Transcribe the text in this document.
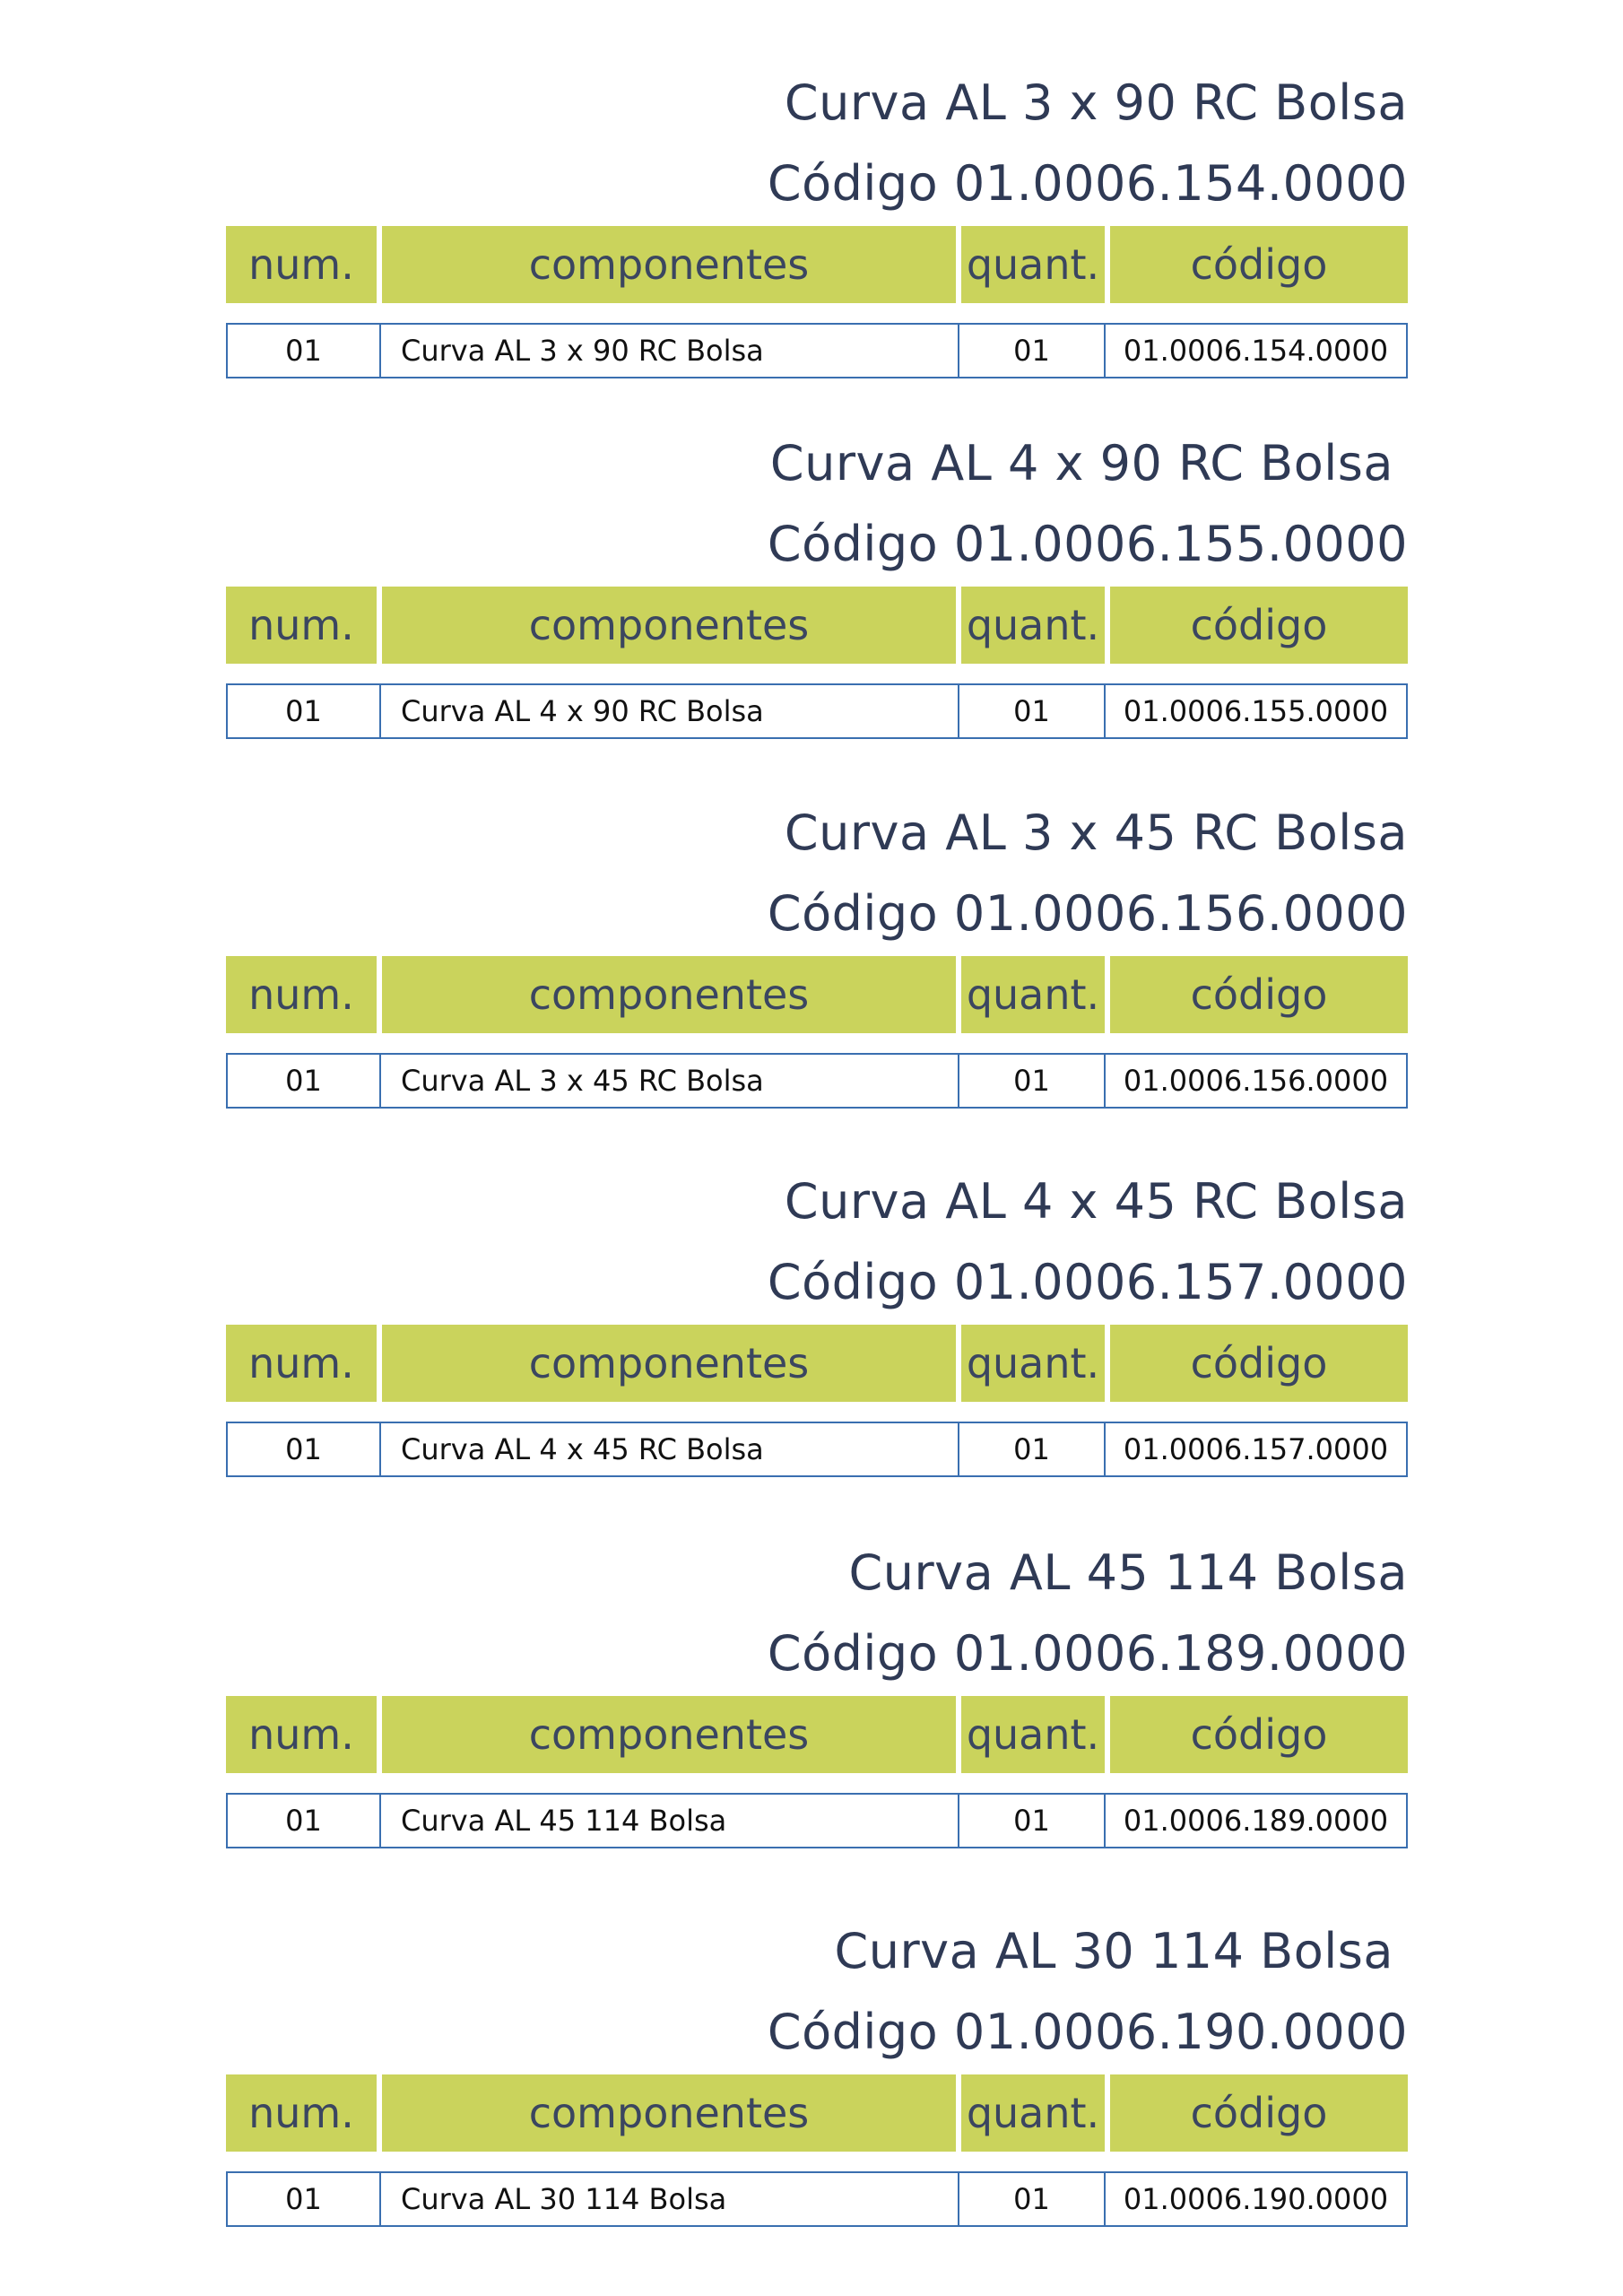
Curva AL 3 x 90 RC Bolsa
Código 01.0006.154.0000
num.	componentes	quant.	código
01	Curva AL 3 x 90 RC Bolsa	01	01.0006.154.0000
Curva AL 4 x 90 RC Bolsa
Código 01.0006.155.0000
num.	componentes	quant.	código
01	Curva AL 4 x 90 RC Bolsa	01	01.0006.155.0000
Curva AL 3 x 45 RC Bolsa
Código 01.0006.156.0000
num.	componentes	quant.	código
01	Curva AL 3 x 45 RC Bolsa	01	01.0006.156.0000
Curva AL 4 x 45 RC Bolsa
Código 01.0006.157.0000
num.	componentes	quant.	código
01	Curva AL 4 x 45 RC Bolsa	01	01.0006.157.0000
Curva AL 45 114 Bolsa
Código 01.0006.189.0000
num.	componentes	quant.	código
01	Curva AL 45 114 Bolsa	01	01.0006.189.0000
Curva AL 30 114 Bolsa
Código 01.0006.190.0000
num.	componentes	quant.	código
01	Curva AL 30 114 Bolsa	01	01.0006.190.0000
